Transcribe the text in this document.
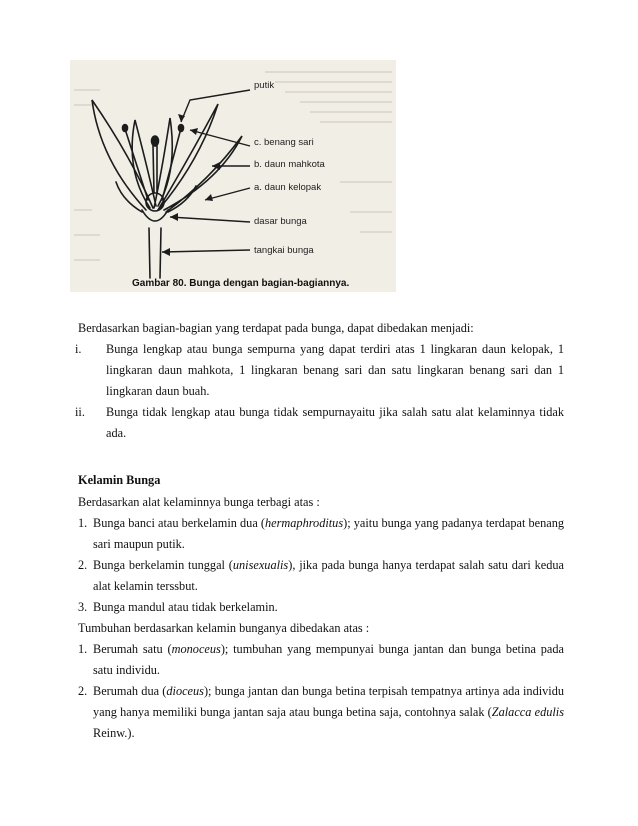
putik
c. benang sari
b. daun mahkota
a. daun kelopak
dasar bunga
tangkai bunga
Gambar 80. Bunga dengan bagian-bagiannya.

Berdasarkan bagian-bagian yang terdapat pada bunga, dapat dibedakan menjadi:

i. Bunga lengkap atau bunga sempurna yang dapat terdiri atas 1 lingkaran daun kelopak, 1 lingkaran daun mahkota, 1 lingkaran benang sari dan satu lingkaran benang sari dan 1 lingkaran daun buah.
ii. Bunga tidak lengkap atau bunga tidak sempurnayaitu jika salah satu alat kelaminnya tidak ada.

Kelamin Bunga

Berdasarkan alat kelaminnya bunga terbagi atas :

1. Bunga banci atau berkelamin dua (hermaphroditus); yaitu bunga yang padanya terdapat benang sari maupun putik.
2. Bunga berkelamin tunggal (unisexualis), jika pada bunga hanya terdapat salah satu dari kedua alat kelamin terssbut.
3. Bunga mandul atau tidak berkelamin.

Tumbuhan berdasarkan kelamin bunganya dibedakan atas :

1. Berumah satu (monoceus); tumbuhan yang mempunyai bunga jantan dan bunga betina pada satu individu.
2. Berumah dua (dioceus); bunga jantan dan bunga betina terpisah tempatnya artinya ada individu yang hanya memiliki bunga jantan saja atau bunga betina saja, contohnya salak (Zalacca edulis Reinw.).
